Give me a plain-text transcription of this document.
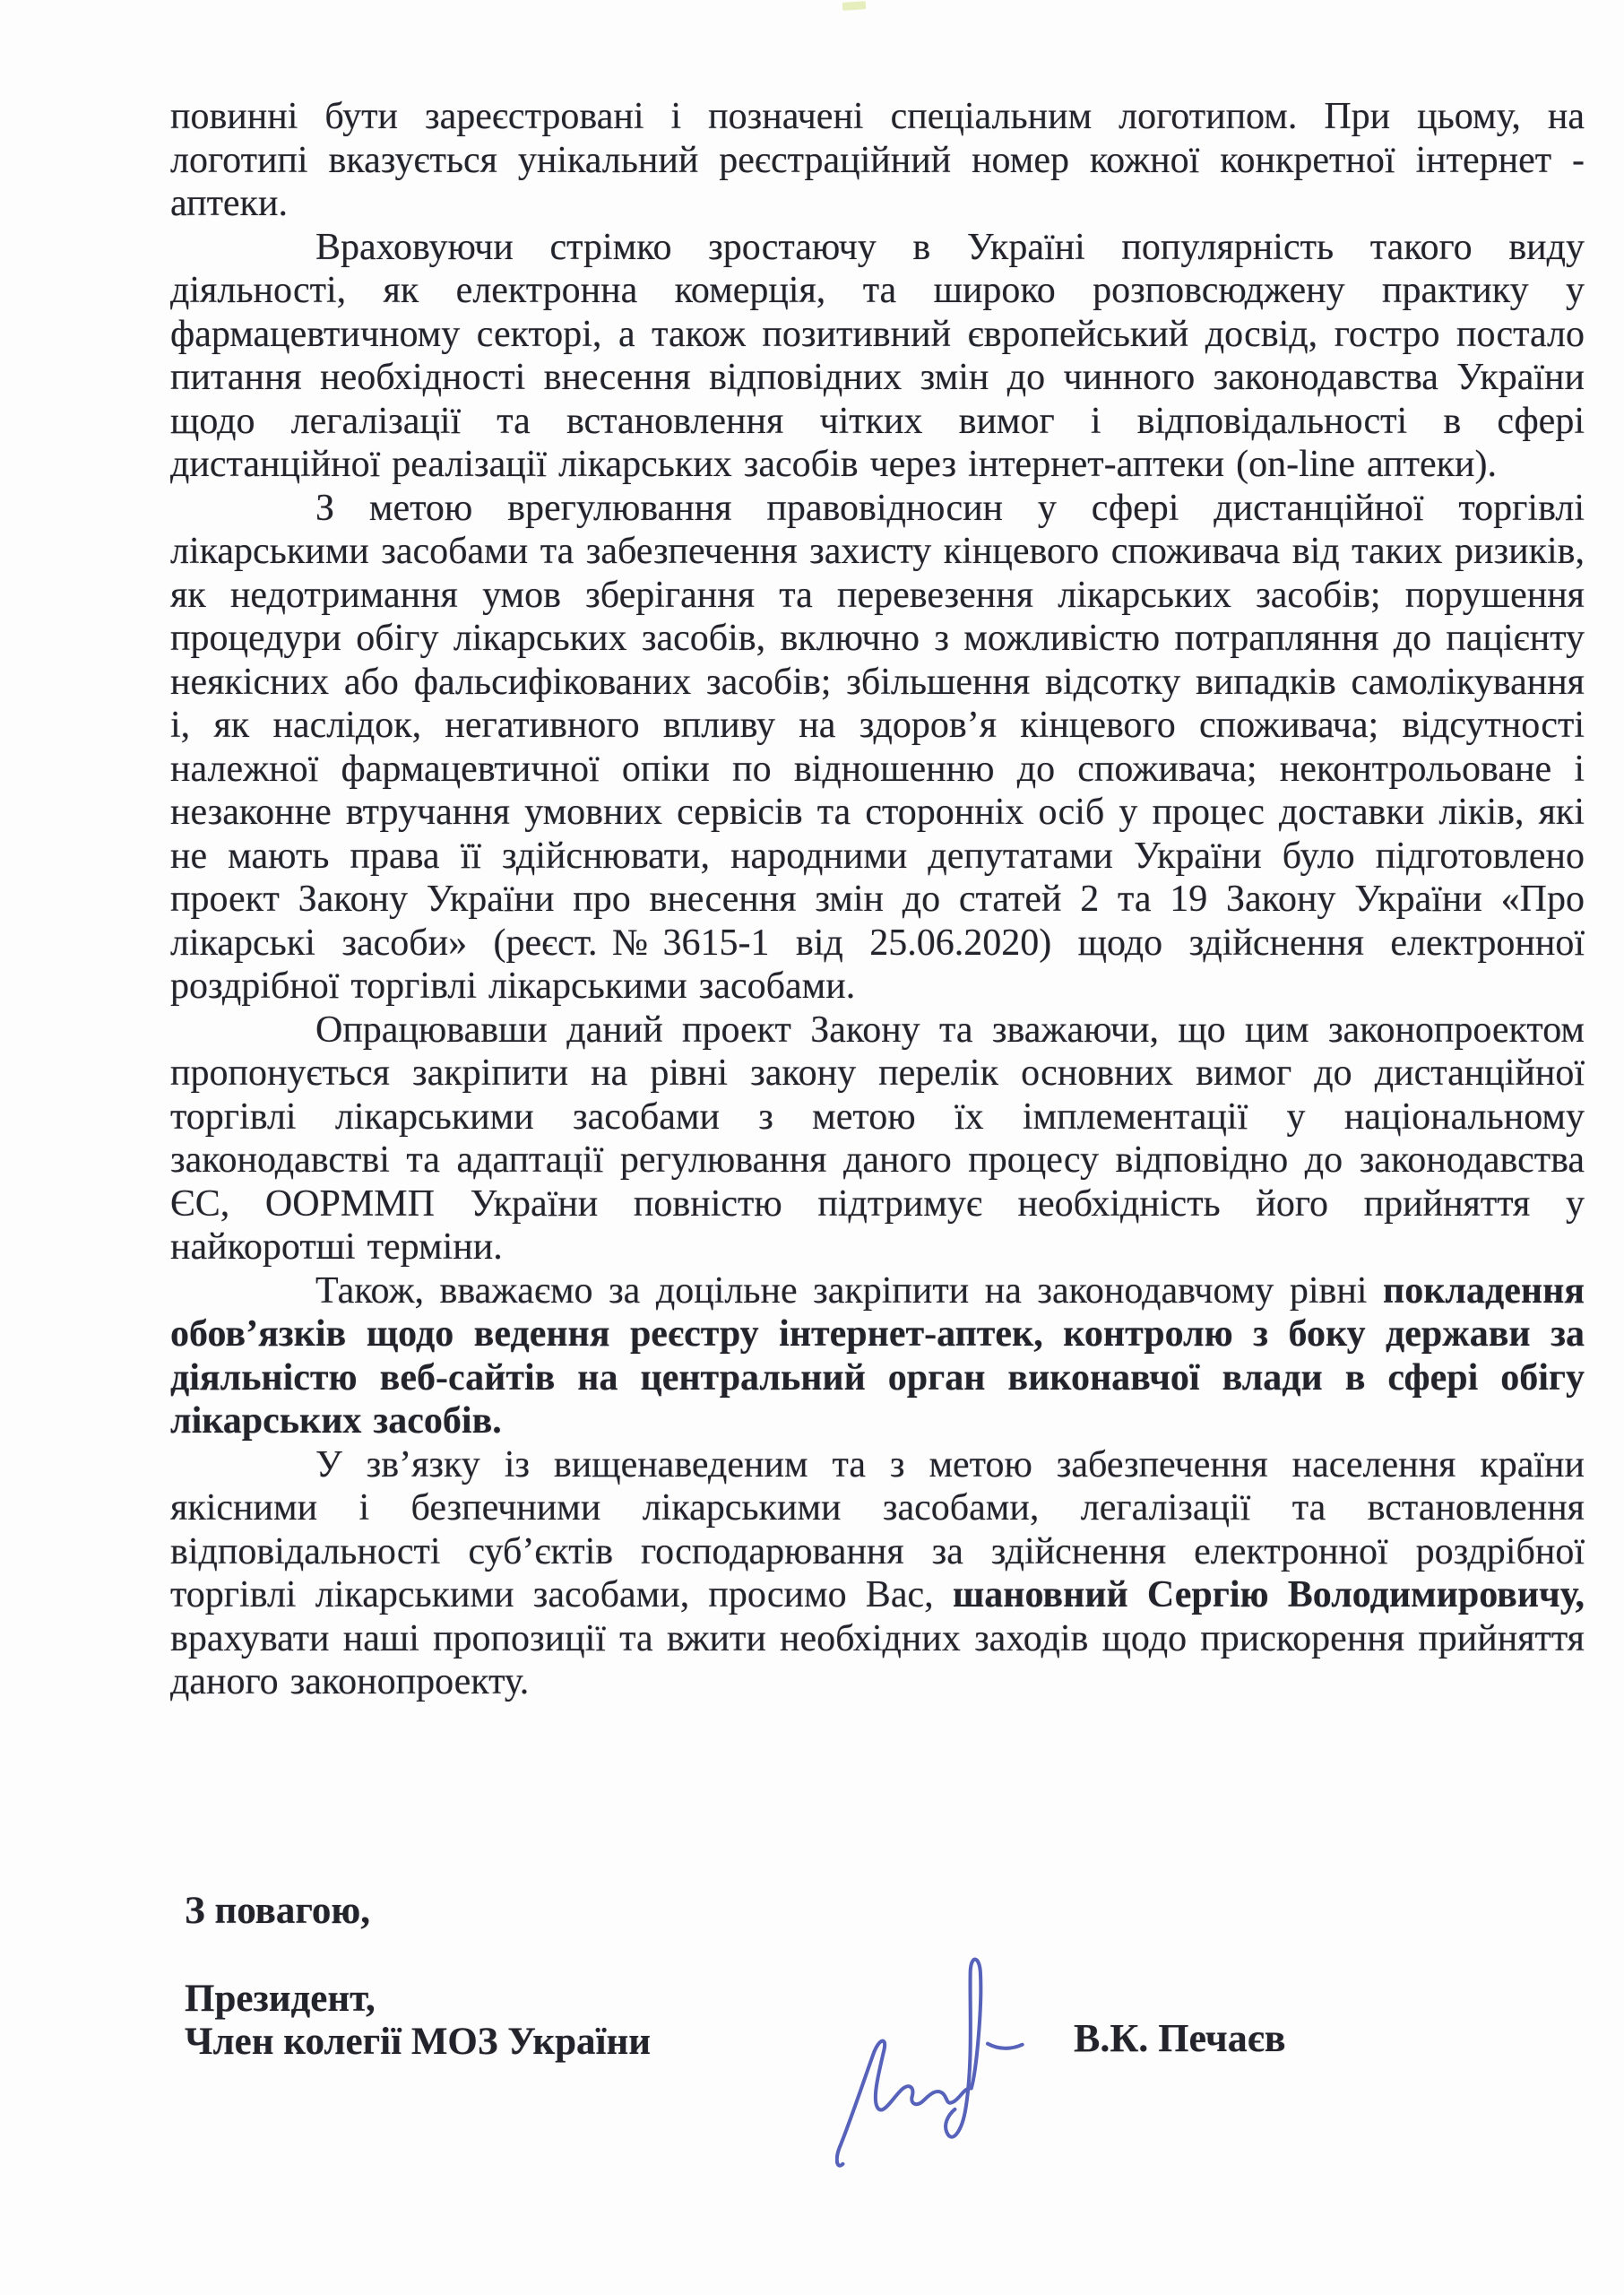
повинні бути зареєстровані і позначені спеціальним логотипом. При цьому, на логотипі вказується унікальний реєстраційний номер кожної конкретної інтернет - аптеки.

Враховуючи стрімко зростаючу в Україні популярність такого виду діяльності, як електронна комерція, та широко розповсюджену практику у фармацевтичному секторі, а також позитивний європейський досвід, гостро постало питання необхідності внесення відповідних змін до чинного законодавства України щодо легалізації та встановлення чітких вимог і відповідальності в сфері дистанційної реалізації лікарських засобів через інтернет-аптеки (on-line аптеки).

З метою врегулювання правовідносин у сфері дистанційної торгівлі лікарськими засобами та забезпечення захисту кінцевого споживача від таких ризиків, як недотримання умов зберігання та перевезення лікарських засобів; порушення процедури обігу лікарських засобів, включно з можливістю потрапляння до пацієнту неякісних або фальсифікованих засобів; збільшення відсотку випадків самолікування і, як наслідок, негативного впливу на здоров’я кінцевого споживача; відсутності належної фармацевтичної опіки по відношенню до споживача; неконтрольоване і незаконне втручання умовних сервісів та сторонніх осіб у процес доставки ліків, які не мають права її здійснювати, народними депутатами України було підготовлено проект Закону України про внесення змін до статей 2 та 19 Закону України «Про лікарські засоби» (реєст.№3615-1 від 25.06.2020) щодо здійснення електронної роздрібної торгівлі лікарськими засобами.

Опрацювавши даний проект Закону та зважаючи, що цим законопроектом пропонується закріпити на рівні закону перелік основних вимог до дистанційної торгівлі лікарськими засобами з метою їх імплементації у національному законодавстві та адаптації регулювання даного процесу відповідно до законодавства ЄС, ООРММП України повністю підтримує необхідність його прийняття у найкоротші терміни.

Також, вважаємо за доцільне закріпити на законодавчому рівні покладення обов’язків щодо ведення реєстру інтернет-аптек, контролю з боку держави за діяльністю веб-сайтів на центральний орган виконавчої влади в сфері обігу лікарських засобів.

У зв’язку із вищенаведеним та з метою забезпечення населення країни якісними і безпечними лікарськими засобами, легалізації та встановлення відповідальності суб’єктів господарювання за здійснення електронної роздрібної торгівлі лікарськими засобами, просимо Вас, шановний Сергію Володимировичу, врахувати наші пропозиції та вжити необхідних заходів щодо прискорення прийняття даного законопроекту.

З повагою,
Президент,
Член колегії МОЗ України	В.К. Печаєв
